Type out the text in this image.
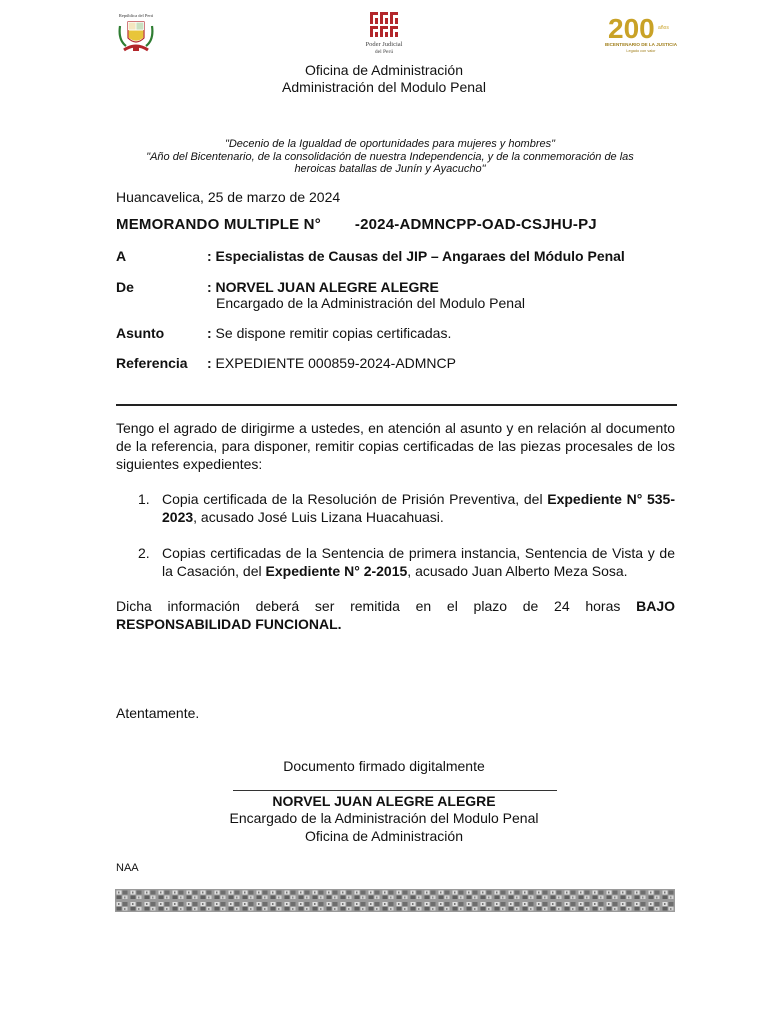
República del Perú
Poder Judicial
del Perú
200 años
BICENTENARIO DE LA JUSTICIA
Legado con valor
Oficina de Administración
Administración del Modulo Penal
"Decenio de la Igualdad de oportunidades para mujeres y hombres"
"Año del Bicentenario, de la consolidación de nuestra Independencia, y de la conmemoración de las
heroicas batallas de Junín y Ayacucho"
Huancavelica, 25 de marzo de 2024
MEMORANDO MULTIPLE N° -2024-ADMNCPP-OAD-CSJHU-PJ
A	: Especialistas de Causas del JIP – Angaraes del Módulo Penal
De	: NORVEL JUAN ALEGRE ALEGRE
Encargado de la Administración del Modulo Penal
Asunto	: Se dispone remitir copias certificadas.
Referencia	: EXPEDIENTE 000859-2024-ADMNCP
Tengo el agrado de dirigirme a ustedes, en atención al asunto y en relación al documento de la referencia, para disponer, remitir copias certificadas de las piezas procesales de los siguientes expedientes:
1. Copia certificada de la Resolución de Prisión Preventiva, del Expediente N° 535-2023, acusado José Luis Lizana Huacahuasi.
2. Copias certificadas de la Sentencia de primera instancia, Sentencia de Vista y de la Casación, del Expediente N° 2-2015, acusado Juan Alberto Meza Sosa.
Dicha información deberá ser remitida en el plazo de 24 horas BAJO RESPONSABILIDAD FUNCIONAL.
Atentamente.
Documento firmado digitalmente
NORVEL JUAN ALEGRE ALEGRE
Encargado de la Administración del Modulo Penal
Oficina de Administración
NAA
